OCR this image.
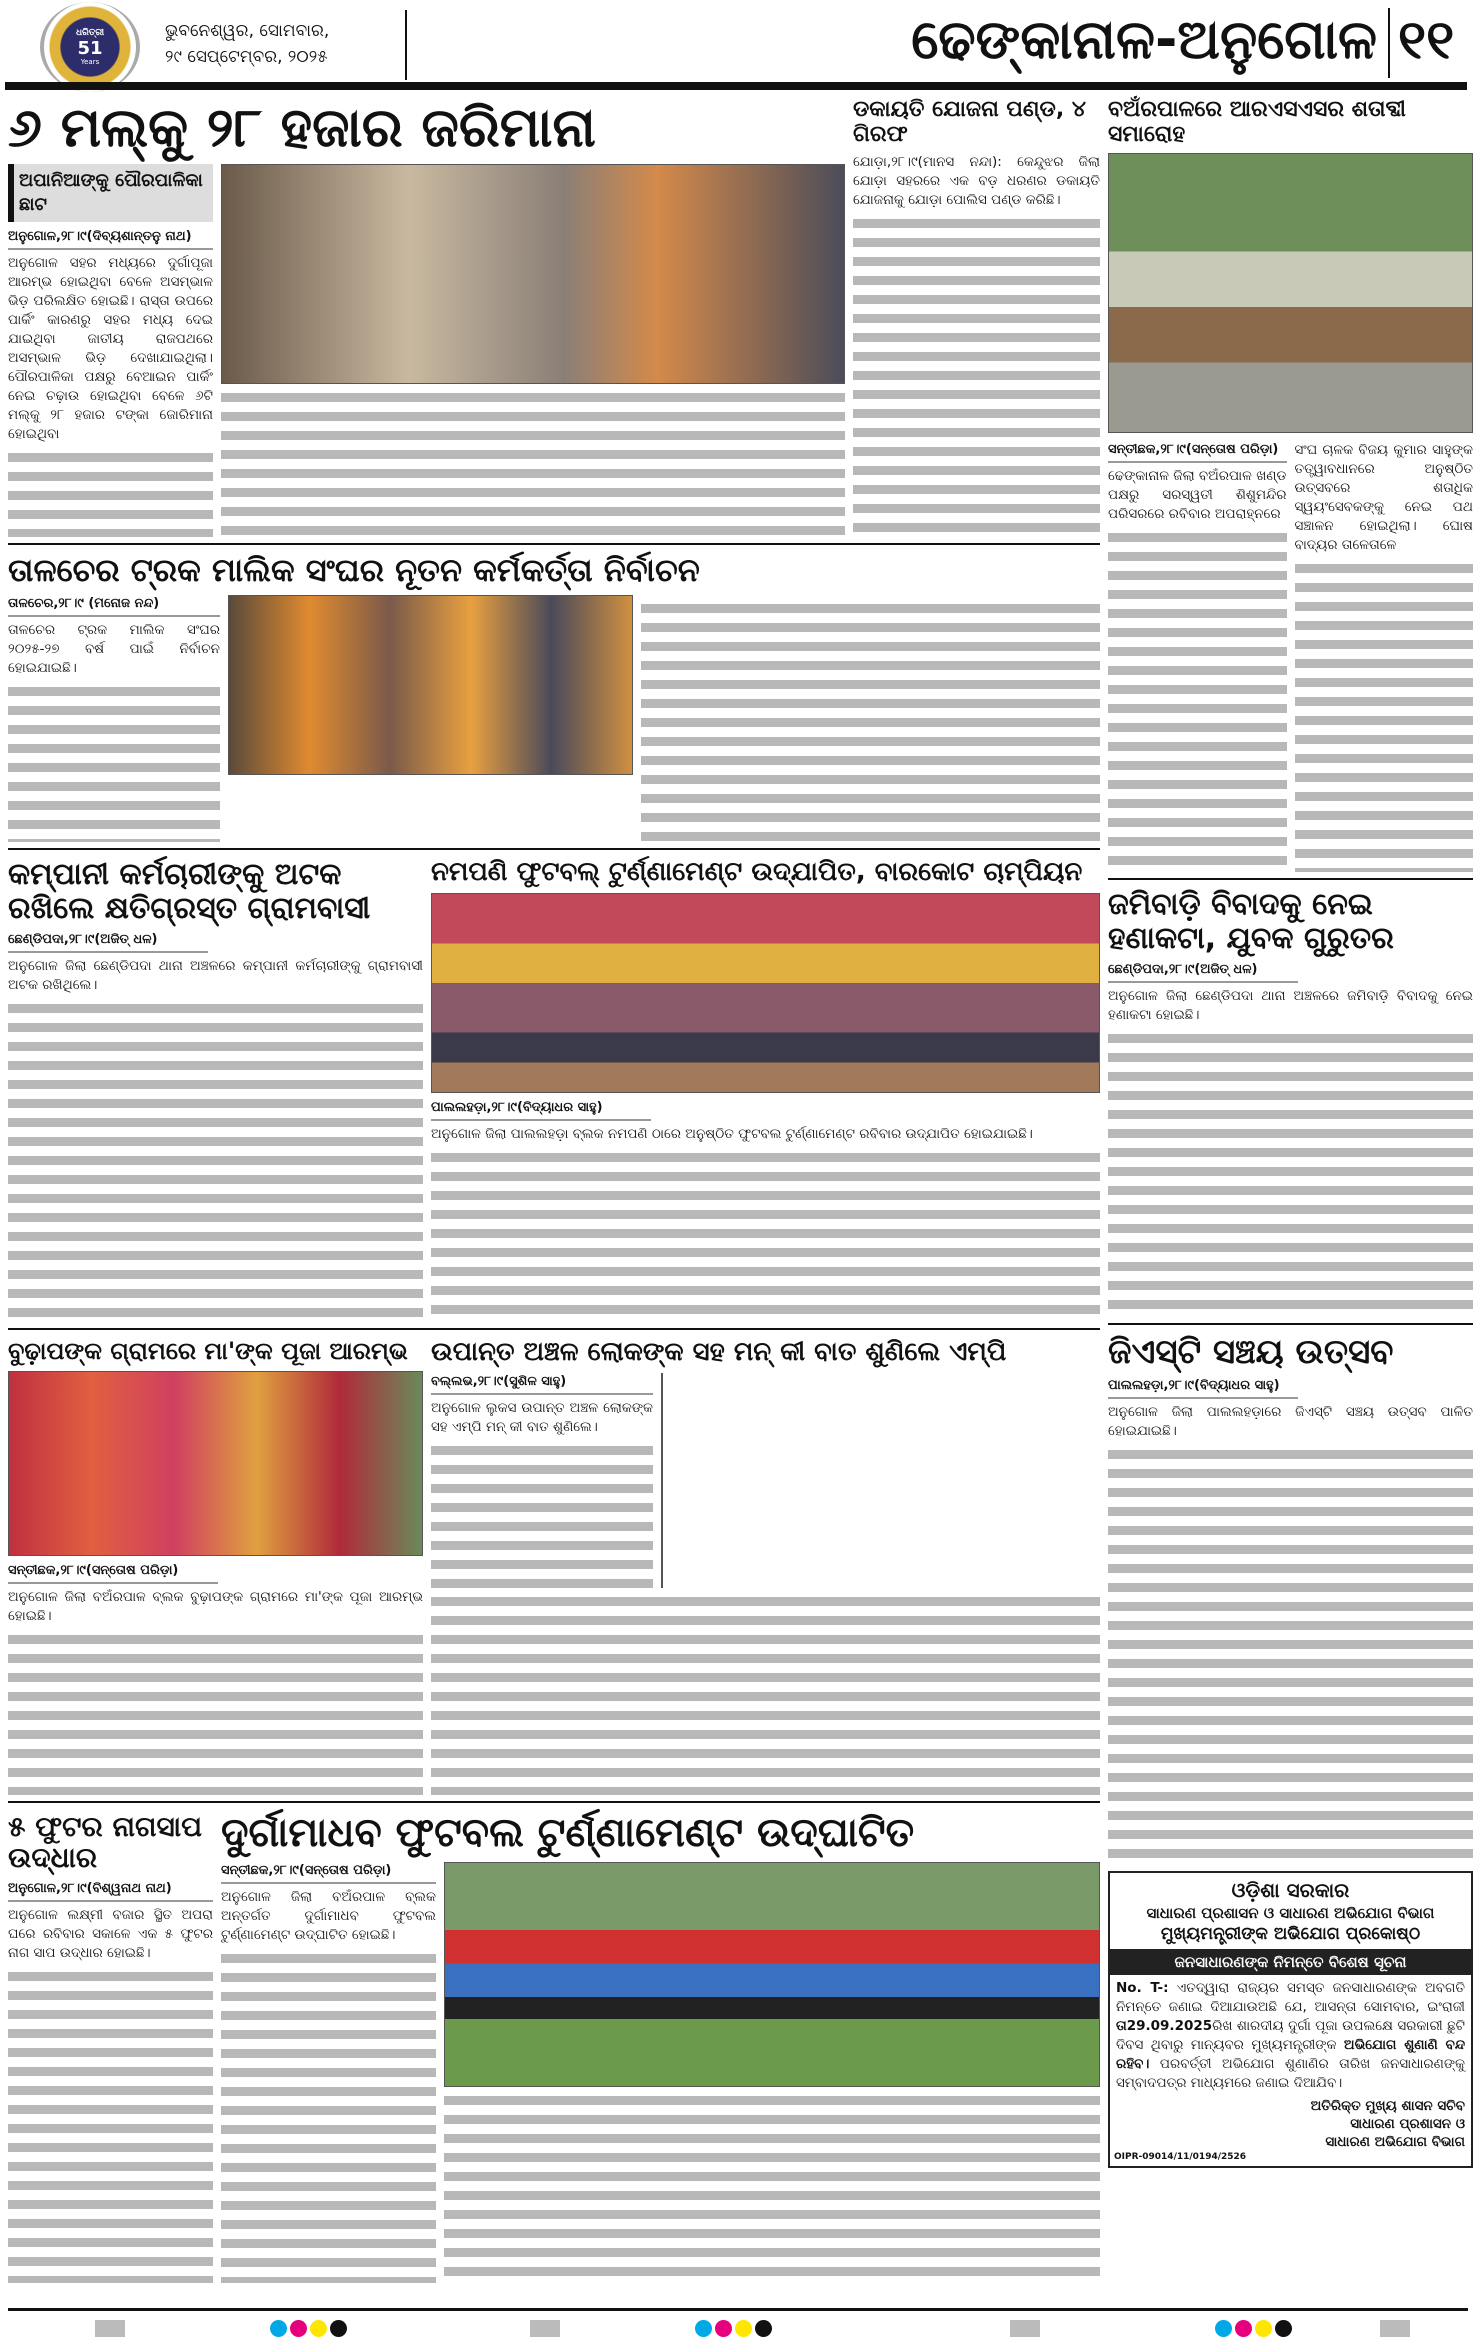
ଧରିତ୍ରୀ
51
Years
ଭୁବନେଶ୍ୱର, ସୋମବାର,
୨୯ ସେପ୍ଟେମ୍ବର, ୨୦୨୫	ଢେଙ୍କାନାଳ-ଅନୁଗୋଳ ୧୧
୬ ମଲ୍‌କୁ ୨୮ ହଜାର ଜରିମାନା
ଅପାନିଆଙ୍କୁ ପୌରପାଳିକା ଛାଟ
ଅନୁଗୋଳ,୨୮।୯(ଦିବ୍ୟଶାନ୍ତନୁ ନାଥ)
ଅନୁଗୋଳ ସହର ମଧ୍ୟରେ ଦୁର୍ଗାପୂଜା ଆରମ୍ଭ ହୋଇଥିବା ବେଳେ ଅସମ୍ଭାଳ ଭିଡ଼ ପରିଲକ୍ଷିତ ହୋଇଛି। ରାସ୍ତା ଉପରେ ପାର୍କିଂ କାରଣରୁ ସହର ମଧ୍ୟ ଦେଇ ଯାଇଥିବା ଜାତୀୟ ରାଜପଥରେ ଅସମ୍ଭାଳ ଭିଡ଼ ଦେଖାଯାଇଥିଲା। ପୌରପାଳିକା ପକ୍ଷରୁ ବେଆଇନ ପାର୍କିଂ ନେଇ ଚଢ଼ାଉ ହୋଇଥିବା ବେଳେ ୬ଟି ମଲ୍‌କୁ ୨୮ ହଜାର ଟଙ୍କା ଜୋରିମାନା ହୋଇଥିବା
ଡକାୟତି ଯୋଜନା ପଣ୍ଡ, ୪ ଗିରଫ
ଯୋଡ଼ା,୨୮।୯(ମାନସ ନନ୍ଦା): କେନ୍ଦୁଝର ଜିଲା ଯୋଡ଼ା ସହରରେ ଏକ ବଡ଼ ଧରଣର ଡକାୟତି ଯୋଜନାକୁ ଯୋଡ଼ା ପୋଲିସ ପଣ୍ଡ କରିଛି।
ତାଳଚେର ଟ୍ରକ ମାଲିକ ସଂଘର ନୂତନ କର୍ମକର୍ତ୍ତା ନିର୍ବାଚନ
ତାଳଚେର,୨୮।୯ (ମନୋଜ ନନ୍ଦ)
ତାଳଚେର ଟ୍ରକ ମାଲିକ ସଂଘର ୨୦୨୫-୨୭ ବର୍ଷ ପାଇଁ ନିର୍ବାଚନ ହୋଇଯାଇଛି।
କମ୍ପାନୀ କର୍ମଚାରୀଙ୍କୁ ଅଟକ ରଖିଲେ କ୍ଷତିଗ୍ରସ୍ତ ଗ୍ରାମବାସୀ
ଛେଣ୍ଡିପଦା,୨୮।୯(ଅଜିତ୍ ଧଳ)
ଅନୁଗୋଳ ଜିଲା ଛେଣ୍ଡିପଦା ଥାନା ଅଞ୍ଚଳରେ କମ୍ପାନୀ କର୍ମଚାରୀଙ୍କୁ ଗ୍ରାମବାସୀ ଅଟକ ରଖିଥିଲେ।
ନମପଣି ଫୁଟବଲ୍ ଟୁର୍ଣ୍ଣାମେଣ୍ଟ ଉଦ୍‌ଯାପିତ, ବାରକୋଟ ଚାମ୍ପିୟନ
ପାଲଲହଡ଼ା,୨୮।୯(ବିଦ୍ୟାଧର ସାହୁ)
ଅନୁଗୋଳ ଜିଲା ପାଲଲହଡ଼ା ବ୍ଲକ ନମପଣି ଠାରେ ଅନୁଷ୍ଠିତ ଫୁଟବଲ ଟୁର୍ଣ୍ଣାମେଣ୍ଟ ରବିବାର ଉଦ୍‌ଯାପିତ ହୋଇଯାଇଛି।
ବୁଢ଼ାପଙ୍କ ଗ୍ରାମରେ ମା'ଙ୍କ ପୂଜା ଆରମ୍ଭ
ସନ୍ତୀଛକ,୨୮।୯(ସନ୍ତୋଷ ପରିଡ଼ା)
ଅନୁଗୋଳ ଜିଲା ବଅଁରପାଳ ବ୍ଲକ ବୁଢ଼ାପଙ୍କ ଗ୍ରାମରେ ମା'ଙ୍କ ପୂଜା ଆରମ୍ଭ ହୋଇଛି।
ଉପାନ୍ତ ଅଞ୍ଚଳ ଲୋକଙ୍କ ସହ ମନ୍ କୀ ବାତ ଶୁଣିଲେ ଏମ୍‌ପି
ବଲ୍ଲଭ,୨୮।୯(ସୁଶିଳ ସାହୁ)
ଅନୁଗୋଳ ଲୁକସ ଉପାନ୍ତ ଅଞ୍ଚଳ ଲୋକଙ୍କ ସହ ଏମ୍‌ପି ମନ୍ କୀ ବାତ ଶୁଣିଲେ।
୫ ଫୁଟର ନାଗସାପ ଉଦ୍ଧାର
ଅନୁଗୋଳ,୨୮।୯(ବିଶ୍ୱନାଥ ନାଥ)
ଅନୁଗୋଳ ଲକ୍ଷ୍ମୀ ବଜାର ସ୍ଥିତ ଅପରା ଘରେ ରବିବାର ସକାଳେ ଏକ ୫ ଫୁଟର ନାଗ ସାପ ଉଦ୍ଧାର ହୋଇଛି।
ଦୁର୍ଗାମାଧବ ଫୁଟବଲ ଟୁର୍ଣ୍ଣାମେଣ୍ଟ ଉଦ୍‌ଘାଟିତ
ସନ୍ତୀଛକ,୨୮।୯(ସନ୍ତୋଷ ପରିଡ଼ା)
ଅନୁଗୋଳ ଜିଲା ବଅଁରପାଳ ବ୍ଲକ ଅନ୍ତର୍ଗତ ଦୁର୍ଗାମାଧବ ଫୁଟବଲ ଟୁର୍ଣ୍ଣାମେଣ୍ଟ ଉଦ୍‌ଘାଟିତ ହୋଇଛି।
ବଅଁରପାଳରେ ଆରଏସଏସର ଶତାବ୍ଦୀ ସମାରୋହ
ସନ୍ତୀଛକ,୨୮।୯(ସନ୍ତୋଷ ପରିଡ଼ା)
ଢେଙ୍କାନାଳ ଜିଲା ବଅଁରପାଳ ଖଣ୍ଡ ପକ୍ଷରୁ ସରସ୍ୱତୀ ଶିଶୁମନ୍ଦିର ପରିସରରେ ରବିବାର ଅପରାହ୍ନରେ
ସଂଘ ଚାଳକ ବିଜୟ କୁମାର ସାହୁଙ୍କ ତତ୍ତ୍ୱାବଧାନରେ ଅନୁଷ୍ଠିତ ଉତ୍ସବରେ ଶତାଧିକ ସ୍ୱୟଂସେବକଙ୍କୁ ନେଇ ପଥ ସଞ୍ଚାଳନ ହୋଇଥିଲା। ଘୋଷ ବାଦ୍ୟର ତାଳେତାଳେ
ଜମିବାଡ଼ି ବିବାଦକୁ ନେଇ ହଣାକଟା, ଯୁବକ ଗୁରୁତର
ଛେଣ୍ଡିପଦା,୨୮।୯(ଅଜିତ୍ ଧଳ)
ଅନୁଗୋଳ ଜିଲା ଛେଣ୍ଡିପଦା ଥାନା ଅଞ୍ଚଳରେ ଜମିବାଡ଼ି ବିବାଦକୁ ନେଇ ହଣାକଟା ହୋଇଛି।
ଜିଏସ୍‌ଟି ସଞ୍ଚୟ ଉତ୍ସବ
ପାଲଲହଡ଼ା,୨୮।୯(ବିଦ୍ୟାଧର ସାହୁ)
ଅନୁଗୋଳ ଜିଲା ପାଲଲହଡ଼ାରେ ଜିଏସ୍‌ଟି ସଞ୍ଚୟ ଉତ୍ସବ ପାଳିତ ହୋଇଯାଇଛି।
ଓଡ଼ିଶା ସରକାର
ସାଧାରଣ ପ୍ରଶାସନ ଓ ସାଧାରଣ ଅଭିଯୋଗ ବିଭାଗ
ମୁଖ୍ୟମନ୍ତ୍ରୀଙ୍କ ଅଭିଯୋଗ ପ୍ରକୋଷ୍ଠ
ଜନସାଧାରଣଙ୍କ ନିମନ୍ତେ ବିଶେଷ ସୂଚନା
No. T-: ଏତଦ୍ୱାରା ରାଜ୍ୟର ସମସ୍ତ ଜନସାଧାରଣଙ୍କ ଅବଗତି ନିମନ୍ତେ ଜଣାଇ ଦିଆଯାଉଅଛି ଯେ, ଆସନ୍ତା ସୋମବାର, ଇଂରାଜୀ ତା29.09.2025ରିଖ ଶାରଦୀୟ ଦୁର୍ଗା ପୂଜା ଉପଲକ୍ଷେ ସରକାରୀ ଛୁଟି ଦିବସ ଥିବାରୁ ମାନ୍ୟବର ମୁଖ୍ୟମନ୍ତ୍ରୀଙ୍କ ଅଭିଯୋଗ ଶୁଣାଣି ବନ୍ଦ ରହିବ। ପରବର୍ତ୍ତୀ ଅଭିଯୋଗ ଶୁଣାଣିର ତାରିଖ ଜନସାଧାରଣଙ୍କୁ ସମ୍ବାଦପତ୍ର ମାଧ୍ୟମରେ ଜଣାଇ ଦିଆଯିବ।
ଅତିରିକ୍ତ ମୁଖ୍ୟ ଶାସନ ସଚିବ
ସାଧାରଣ ପ୍ରଶାସନ ଓ
ସାଧାରଣ ଅଭିଯୋଗ ବିଭାଗ
OIPR-09014/11/0194/2526
